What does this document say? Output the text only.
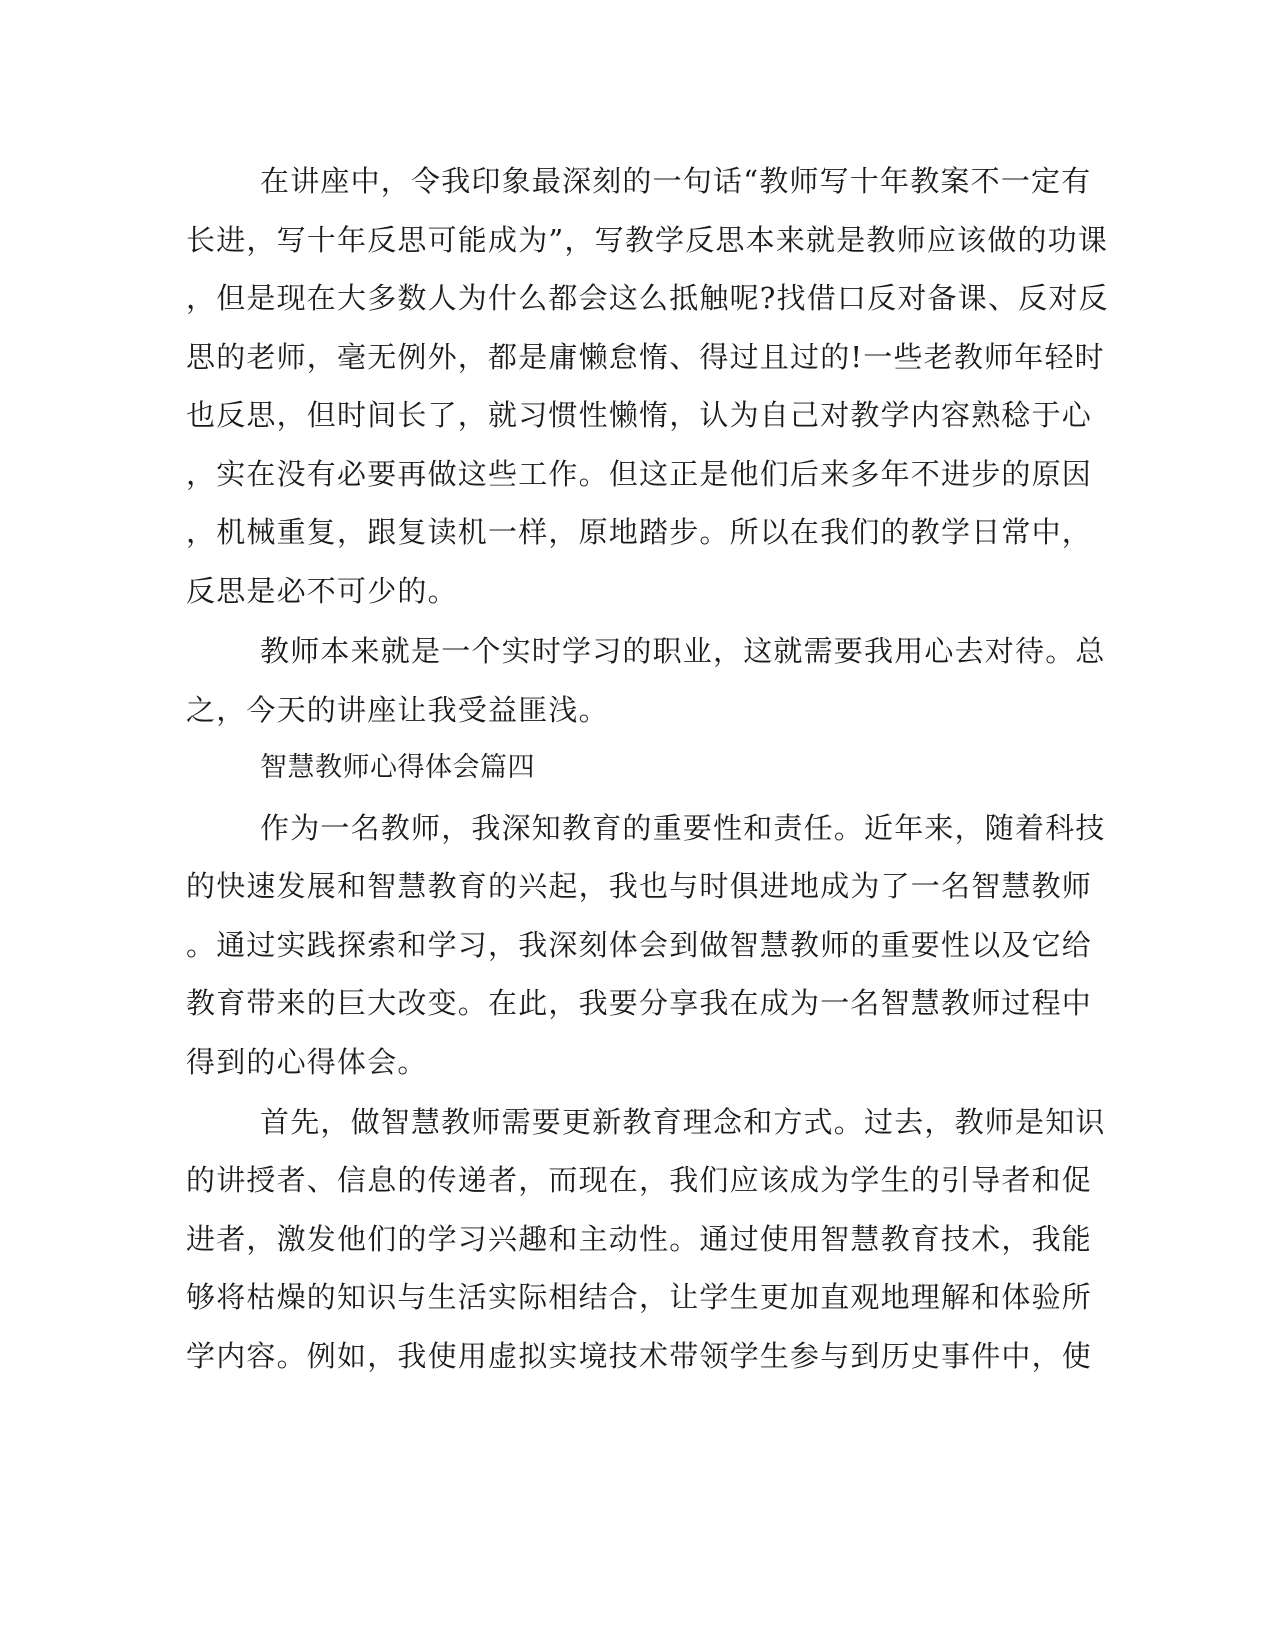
在讲座中，令我印象最深刻的一句话“教师写十年教案不一定有
长进，写十年反思可能成为”，写教学反思本来就是教师应该做的功课
，但是现在大多数人为什么都会这么抵触呢?找借口反对备课、反对反
思的老师，毫无例外，都是庸懒怠惰、得过且过的!一些老教师年轻时
也反思，但时间长了，就习惯性懒惰，认为自己对教学内容熟稔于心
，实在没有必要再做这些工作。但这正是他们后来多年不进步的原因
，机械重复，跟复读机一样，原地踏步。所以在我们的教学日常中，
反思是必不可少的。
教师本来就是一个实时学习的职业，这就需要我用心去对待。总
之，今天的讲座让我受益匪浅。
智慧教师心得体会篇四
作为一名教师，我深知教育的重要性和责任。近年来，随着科技
的快速发展和智慧教育的兴起，我也与时俱进地成为了一名智慧教师
。通过实践探索和学习，我深刻体会到做智慧教师的重要性以及它给
教育带来的巨大改变。在此，我要分享我在成为一名智慧教师过程中
得到的心得体会。
首先，做智慧教师需要更新教育理念和方式。过去，教师是知识
的讲授者、信息的传递者，而现在，我们应该成为学生的引导者和促
进者，激发他们的学习兴趣和主动性。通过使用智慧教育技术，我能
够将枯燥的知识与生活实际相结合，让学生更加直观地理解和体验所
学内容。例如，我使用虚拟实境技术带领学生参与到历史事件中，使
